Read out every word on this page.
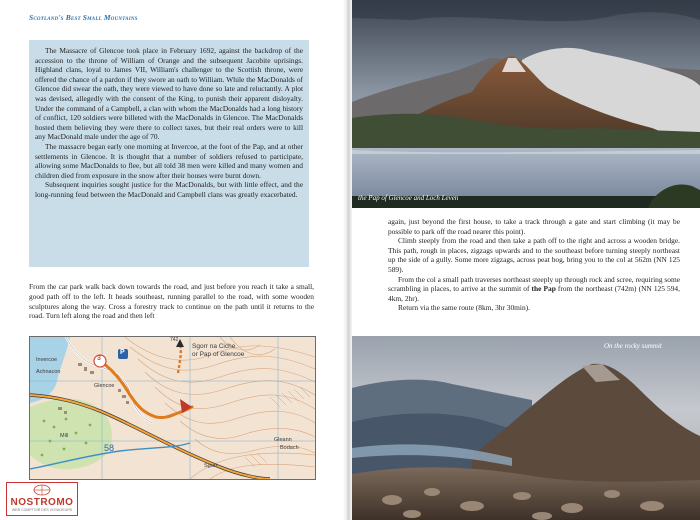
Scotland's Best Small Mountains

The Massacre of Glencoe took place in February 1692, against the backdrop of the accession to the throne of William of Orange and the subsequent Jacobite uprisings. Highland clans, loyal to James VII, William's challenger to the Scottish throne, were offered the chance of a pardon if they swore an oath to William. While the MacDonalds of Glencoe did swear the oath, they were viewed to have done so late and reluctantly. A plot was devised, allegedly with the consent of the King, to punish their apparent disloyalty. Under the command of a Campbell, a clan with whom the MacDonalds had a long history of conflict, 120 soldiers were billeted with the MacDonalds in Glencoe. The MacDonalds hosted them believing they were there to collect taxes, but their real orders were to kill any MacDonald male under the age of 70.

The massacre began early one morning at Invercoe, at the foot of the Pap, and at other settlements in Glencoe. It is thought that a number of soldiers refused to participate, allowing some MacDonalds to flee, but all told 38 men were killed and many women and children died from exposure in the snow after their houses were burnt down.

Subsequent inquiries sought justice for the MacDonalds, but with little effect, and the long-running feud between the MacDonald and Campbell clans was greatly exacerbated.

From the car park walk back down towards the road, and just before you reach it take a small, good path off to the left. It heads southeast, running parallel to the road, with some wooden sculptures along the way. Cross a forestry track to continue on the path until it returns to the road. Turn left along the road and then left

3
P
Sgorr na Ciche
or Pap of Glencoe
742
Invercoe
Achnacon
Glencoe
Mill
58
Gleann
Bodach
Sgurr
NOSTROMO
WEB COMPTOIR DES VOYAGEURS
the Pap of Glencoe and Loch Leven

again, just beyond the first house, to take a track through a gate and start climbing (it may be possible to park off the road nearer this point).

Climb steeply from the road and then take a path off to the right and across a wooden bridge. This path, rough in places, zigzags upwards and to the southeast before turning steeply northeast up the side of a gully. Some more zigzags, across peat bog, bring you to the col at 562m (NN 125 589).

From the col a small path traverses northeast steeply up through rock and scree, requiring some scrambling in places, to arrive at the summit of the Pap from the northeast (742m) (NN 125 594, 4km, 2hr).

Return via the same route (8km, 3hr 30min).

On the rocky summit
